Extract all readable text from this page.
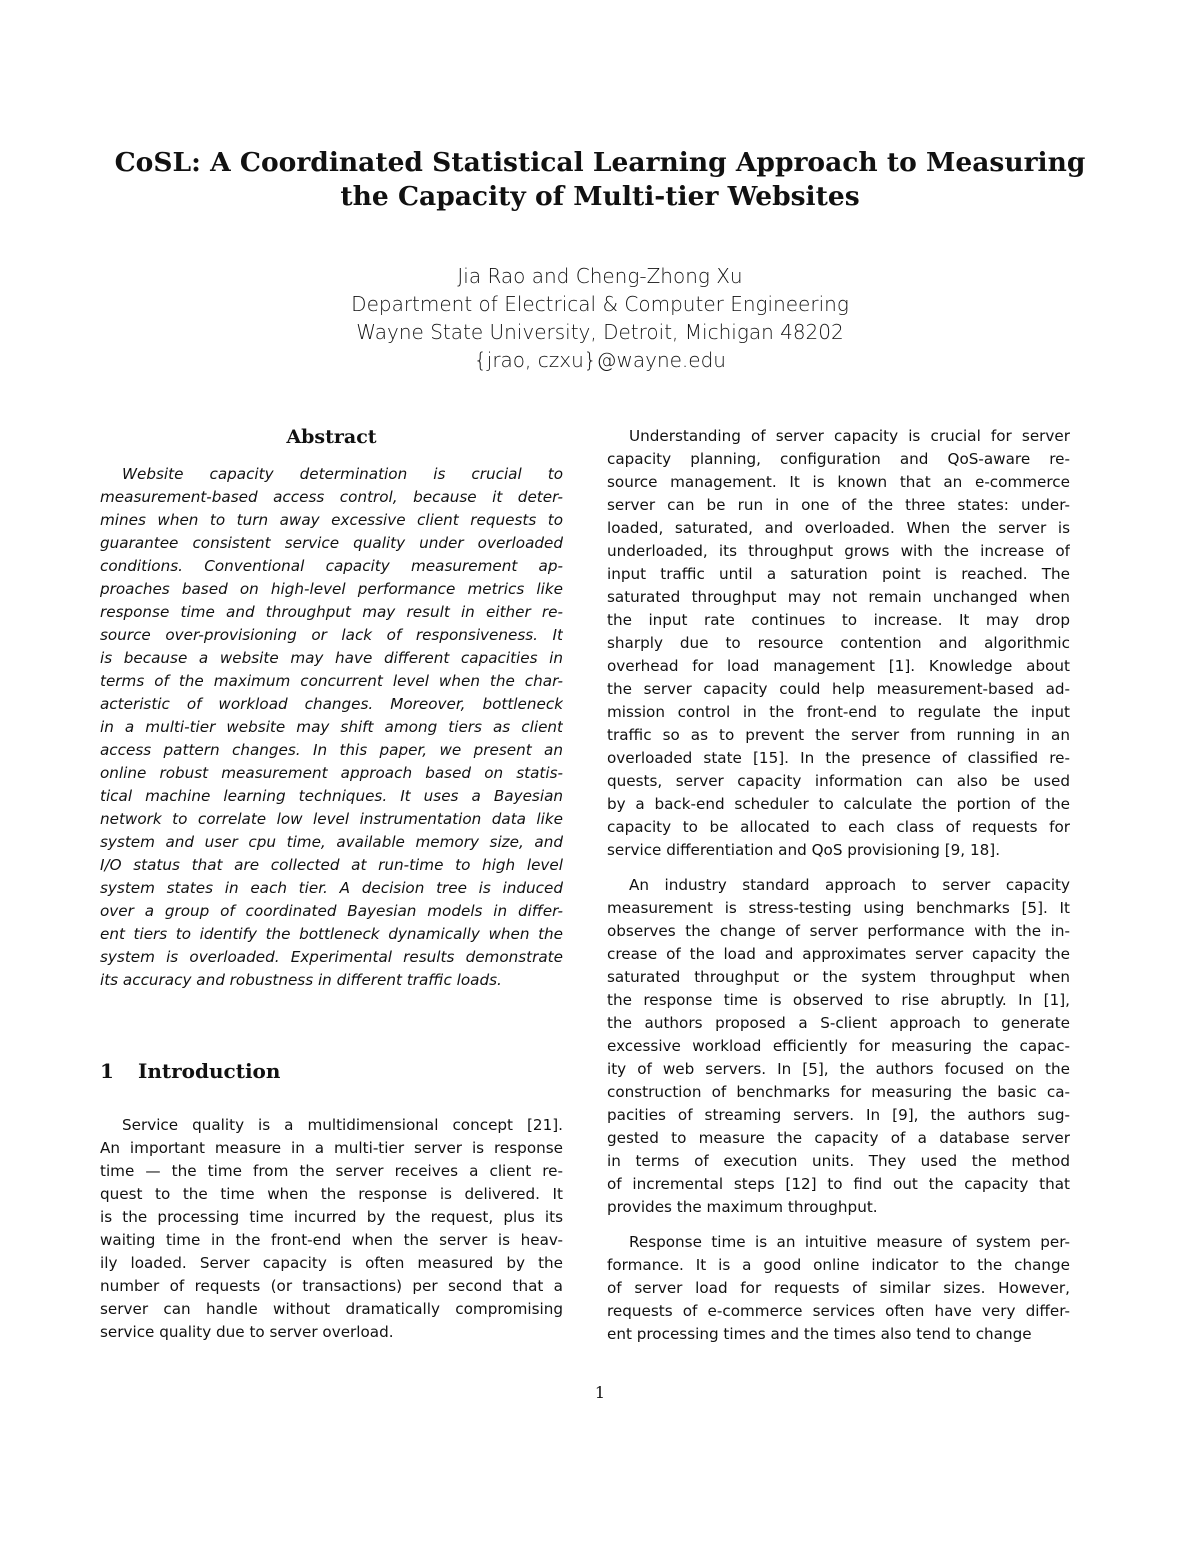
CoSL: A Coordinated Statistical Learning Approach to Measuring
the Capacity of Multi-tier Websites
Jia Rao and Cheng-Zhong Xu
Department of Electrical & Computer Engineering
Wayne State University, Detroit, Michigan 48202
{jrao, czxu}@wayne.edu
Abstract
Website capacity determination is crucial to
measurement-based access control, because it deter-
mines when to turn away excessive client requests to
guarantee consistent service quality under overloaded
conditions. Conventional capacity measurement ap-
proaches based on high-level performance metrics like
response time and throughput may result in either re-
source over-provisioning or lack of responsiveness. It
is because a website may have different capacities in
terms of the maximum concurrent level when the char-
acteristic of workload changes. Moreover, bottleneck
in a multi-tier website may shift among tiers as client
access pattern changes. In this paper, we present an
online robust measurement approach based on statis-
tical machine learning techniques. It uses a Bayesian
network to correlate low level instrumentation data like
system and user cpu time, available memory size, and
I/O status that are collected at run-time to high level
system states in each tier. A decision tree is induced
over a group of coordinated Bayesian models in differ-
ent tiers to identify the bottleneck dynamically when the
system is overloaded. Experimental results demonstrate
its accuracy and robustness in different traffic loads.
1 Introduction
Service quality is a multidimensional concept [21].
An important measure in a multi-tier server is response
time — the time from the server receives a client re-
quest to the time when the response is delivered. It
is the processing time incurred by the request, plus its
waiting time in the front-end when the server is heav-
ily loaded. Server capacity is often measured by the
number of requests (or transactions) per second that a
server can handle without dramatically compromising
service quality due to server overload.
Understanding of server capacity is crucial for server
capacity planning, configuration and QoS-aware re-
source management. It is known that an e-commerce
server can be run in one of the three states: under-
loaded, saturated, and overloaded. When the server is
underloaded, its throughput grows with the increase of
input traffic until a saturation point is reached. The
saturated throughput may not remain unchanged when
the input rate continues to increase. It may drop
sharply due to resource contention and algorithmic
overhead for load management [1]. Knowledge about
the server capacity could help measurement-based ad-
mission control in the front-end to regulate the input
traffic so as to prevent the server from running in an
overloaded state [15]. In the presence of classified re-
quests, server capacity information can also be used
by a back-end scheduler to calculate the portion of the
capacity to be allocated to each class of requests for
service differentiation and QoS provisioning [9, 18].
An industry standard approach to server capacity
measurement is stress-testing using benchmarks [5]. It
observes the change of server performance with the in-
crease of the load and approximates server capacity the
saturated throughput or the system throughput when
the response time is observed to rise abruptly. In [1],
the authors proposed a S-client approach to generate
excessive workload efficiently for measuring the capac-
ity of web servers. In [5], the authors focused on the
construction of benchmarks for measuring the basic ca-
pacities of streaming servers. In [9], the authors sug-
gested to measure the capacity of a database server
in terms of execution units. They used the method
of incremental steps [12] to find out the capacity that
provides the maximum throughput.
Response time is an intuitive measure of system per-
formance. It is a good online indicator to the change
of server load for requests of similar sizes. However,
requests of e-commerce services often have very differ-
ent processing times and the times also tend to change
1
